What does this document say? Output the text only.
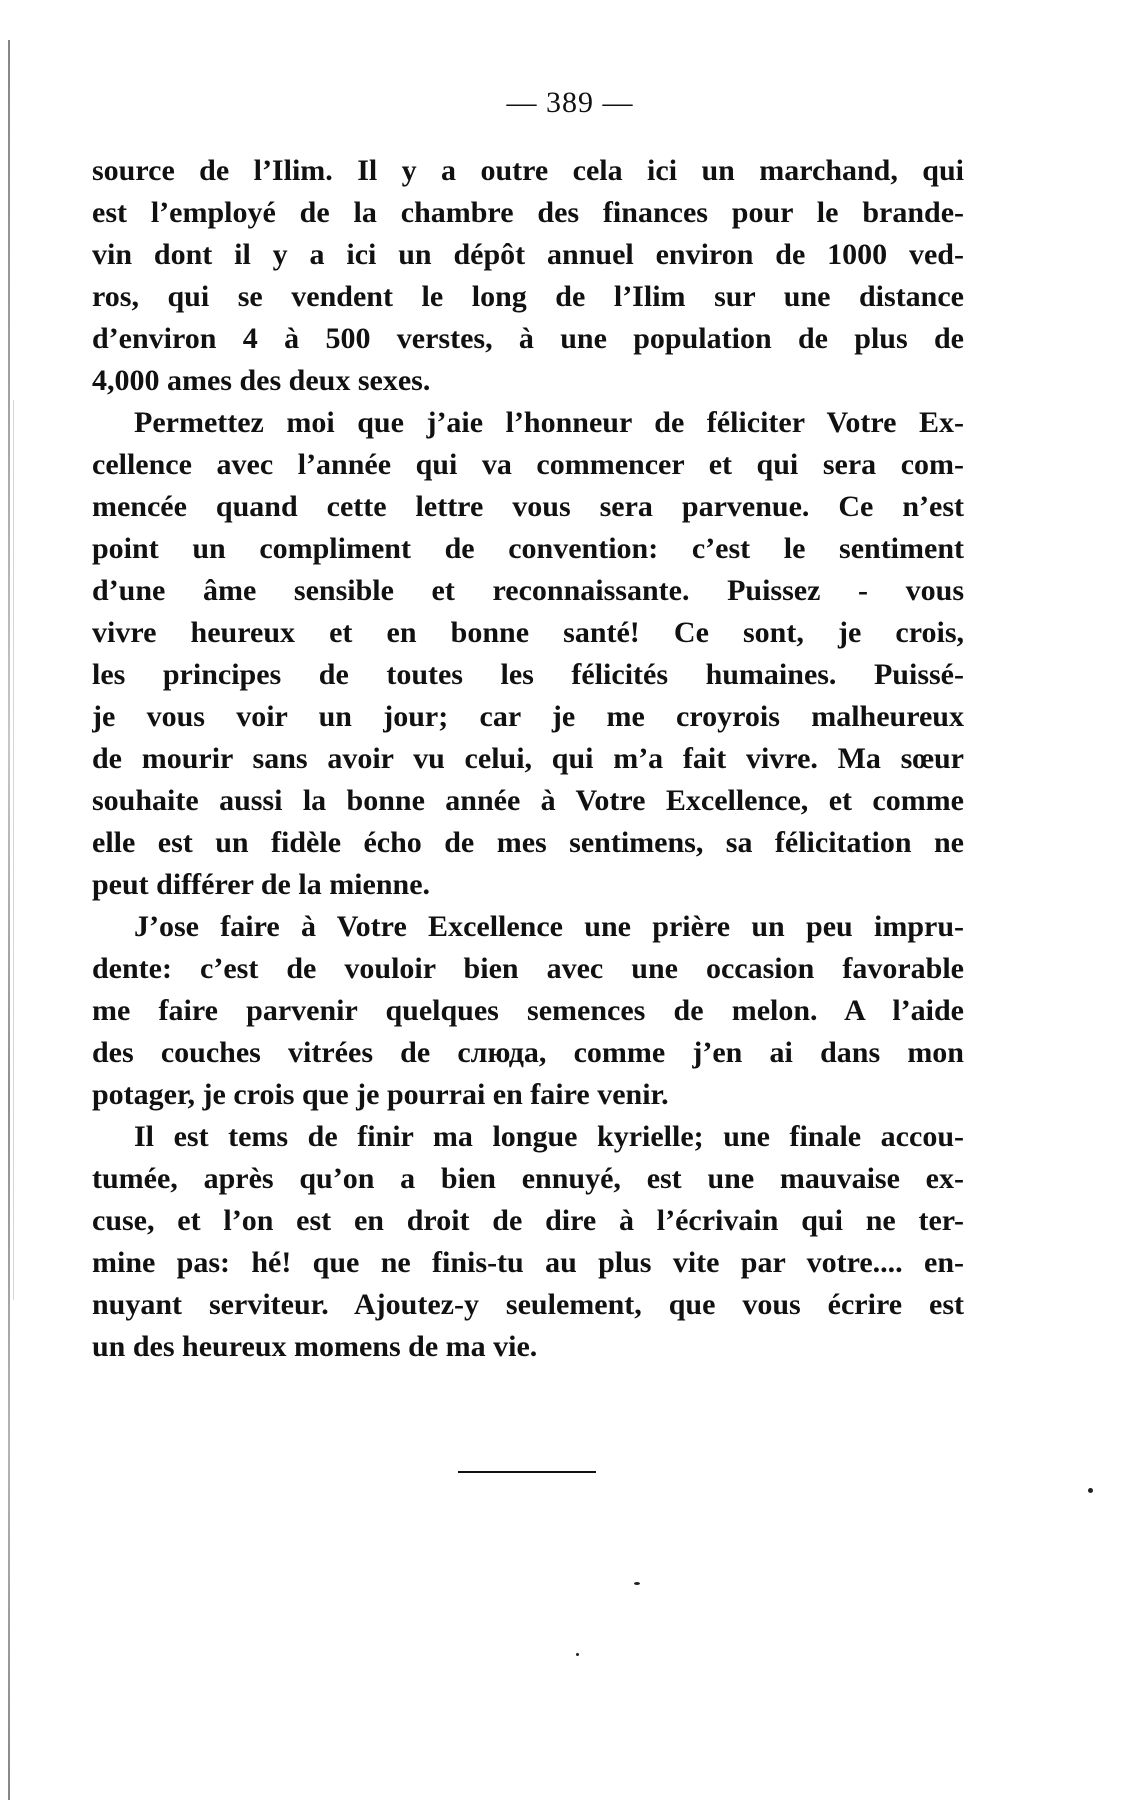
— 389 —
source de l’Ilim. Il y a outre cela ici un marchand, qui
est l’employé de la chambre des finances pour le brande-
vin dont il y a ici un dépôt annuel environ de 1000 ved-
ros, qui se vendent le long de l’Ilim sur une distance
d’environ 4 à 500 verstes, à une population de plus de
4,000 ames des deux sexes.
Permettez moi que j’aie l’honneur de féliciter Votre Ex-
cellence avec l’année qui va commencer et qui sera com-
mencée quand cette lettre vous sera parvenue. Ce n’est
point un compliment de convention: c’est le sentiment
d’une âme sensible et reconnaissante. Puissez - vous
vivre heureux et en bonne santé! Ce sont, je crois,
les principes de toutes les félicités humaines. Puissé-
je vous voir un jour; car je me croyrois malheureux
de mourir sans avoir vu celui, qui m’a fait vivre. Ma sœur
souhaite aussi la bonne année à Votre Excellence, et comme
elle est un fidèle écho de mes sentimens, sa félicitation ne
peut différer de la mienne.
J’ose faire à Votre Excellence une prière un peu impru-
dente: c’est de vouloir bien avec une occasion favorable
me faire parvenir quelques semences de melon. A l’aide
des couches vitrées de слюда, comme j’en ai dans mon
potager, je crois que je pourrai en faire venir.
Il est tems de finir ma longue kyrielle; une finale accou-
tumée, après qu’on a bien ennuyé, est une mauvaise ex-
cuse, et l’on est en droit de dire à l’écrivain qui ne ter-
mine pas: hé! que ne finis-tu au plus vite par votre.... en-
nuyant serviteur. Ajoutez-y seulement, que vous écrire est
un des heureux momens de ma vie.
